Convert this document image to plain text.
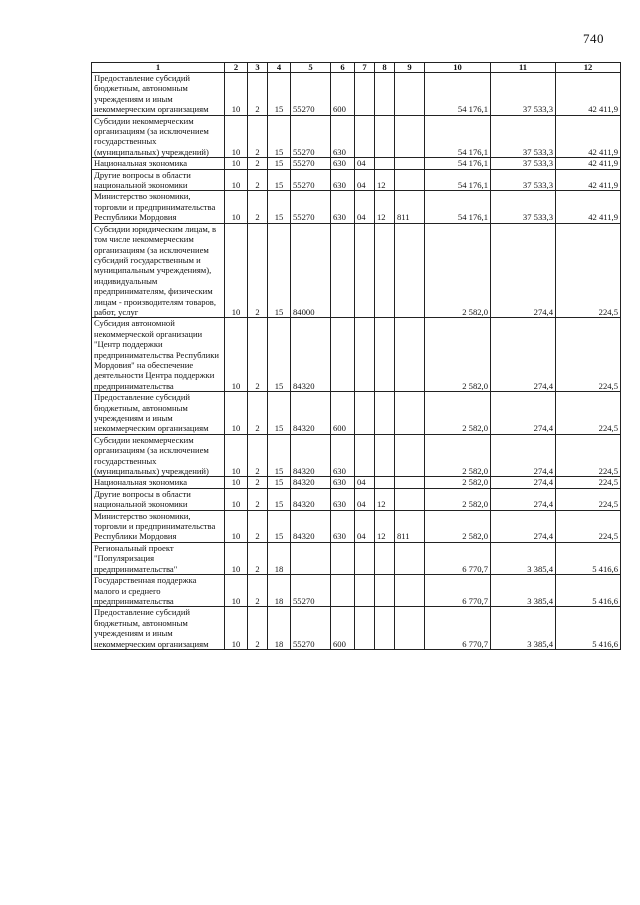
740
1	2	3	4	5	6	7	8	9	10	11	12
Предоставление субсидий бюджетным, автономным учреждениям и иным некоммерческим организациям	10	2	15	55270	600				54 176,1	37 533,3	42 411,9
Субсидии некоммерческим организациям (за исключением государственных (муниципальных) учреждений)	10	2	15	55270	630				54 176,1	37 533,3	42 411,9
Национальная экономика	10	2	15	55270	630	04			54 176,1	37 533,3	42 411,9
Другие вопросы в области национальной экономики	10	2	15	55270	630	04	12		54 176,1	37 533,3	42 411,9
Министерство экономики, торговли и предпринимательства Республики Мордовия	10	2	15	55270	630	04	12	811	54 176,1	37 533,3	42 411,9
Субсидии юридическим лицам, в том числе некоммерческим организациям (за исключением субсидий государственным и муниципальным учреждениям), индивидуальным предпринимателям, физическим лицам - производителям товаров, работ, услуг	10	2	15	84000					2 582,0	274,4	224,5
Субсидия автономной некоммерческой организации "Центр поддержки предпринимательства Республики Мордовия" на обеспечение деятельности Центра поддержки предпринимательства	10	2	15	84320					2 582,0	274,4	224,5
Предоставление субсидий бюджетным, автономным учреждениям и иным некоммерческим организациям	10	2	15	84320	600				2 582,0	274,4	224,5
Субсидии некоммерческим организациям (за исключением государственных (муниципальных) учреждений)	10	2	15	84320	630				2 582,0	274,4	224,5
Национальная экономика	10	2	15	84320	630	04			2 582,0	274,4	224,5
Другие вопросы в области национальной экономики	10	2	15	84320	630	04	12		2 582,0	274,4	224,5
Министерство экономики, торговли и предпринимательства Республики Мордовия	10	2	15	84320	630	04	12	811	2 582,0	274,4	224,5
Региональный проект "Популяризация предпринимательства"	10	2	18						6 770,7	3 385,4	5 416,6
Государственная поддержка малого и среднего предпринимательства	10	2	18	55270					6 770,7	3 385,4	5 416,6
Предоставление субсидий бюджетным, автономным учреждениям и иным некоммерческим организациям	10	2	18	55270	600				6 770,7	3 385,4	5 416,6
